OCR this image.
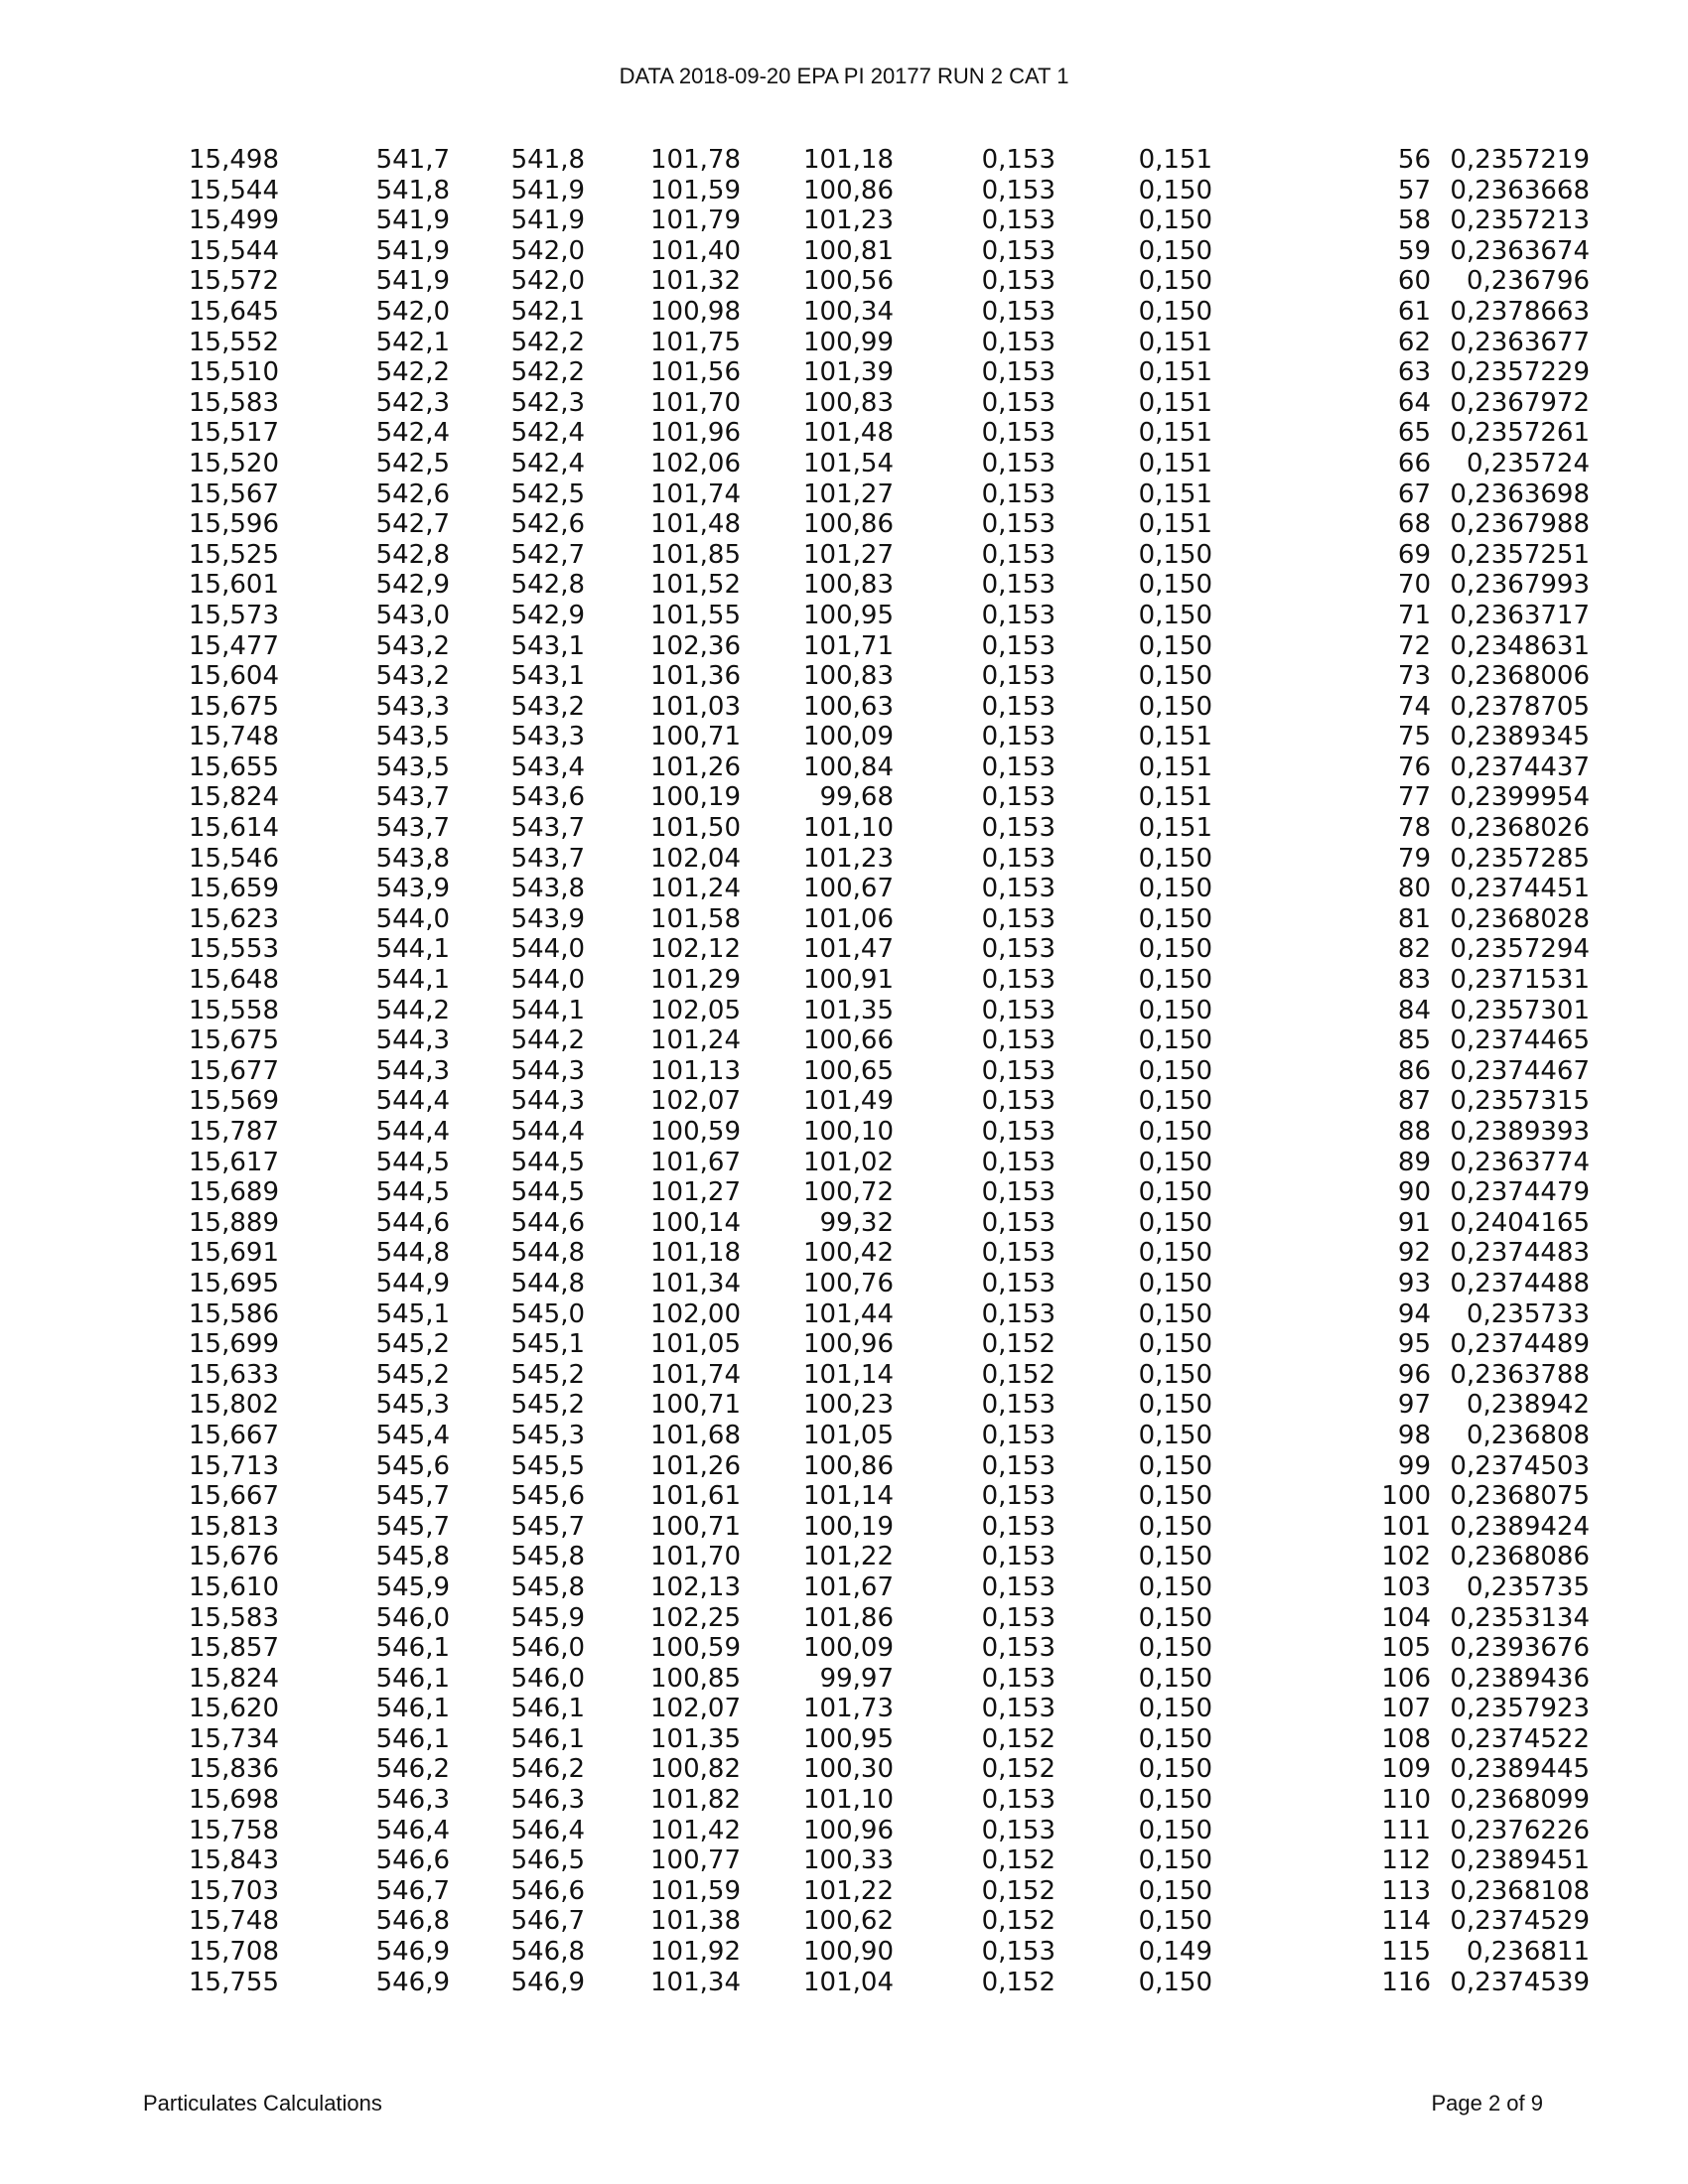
DATA 2018-09-20 EPA PI 20177 RUN 2 CAT 1
15,498	541,7	541,8	101,78	101,18	0,153	0,151	56	0,2357219
15,544	541,8	541,9	101,59	100,86	0,153	0,150	57	0,2363668
15,499	541,9	541,9	101,79	101,23	0,153	0,150	58	0,2357213
15,544	541,9	542,0	101,40	100,81	0,153	0,150	59	0,2363674
15,572	541,9	542,0	101,32	100,56	0,153	0,150	60	0,236796
15,645	542,0	542,1	100,98	100,34	0,153	0,150	61	0,2378663
15,552	542,1	542,2	101,75	100,99	0,153	0,151	62	0,2363677
15,510	542,2	542,2	101,56	101,39	0,153	0,151	63	0,2357229
15,583	542,3	542,3	101,70	100,83	0,153	0,151	64	0,2367972
15,517	542,4	542,4	101,96	101,48	0,153	0,151	65	0,2357261
15,520	542,5	542,4	102,06	101,54	0,153	0,151	66	0,235724
15,567	542,6	542,5	101,74	101,27	0,153	0,151	67	0,2363698
15,596	542,7	542,6	101,48	100,86	0,153	0,151	68	0,2367988
15,525	542,8	542,7	101,85	101,27	0,153	0,150	69	0,2357251
15,601	542,9	542,8	101,52	100,83	0,153	0,150	70	0,2367993
15,573	543,0	542,9	101,55	100,95	0,153	0,150	71	0,2363717
15,477	543,2	543,1	102,36	101,71	0,153	0,150	72	0,2348631
15,604	543,2	543,1	101,36	100,83	0,153	0,150	73	0,2368006
15,675	543,3	543,2	101,03	100,63	0,153	0,150	74	0,2378705
15,748	543,5	543,3	100,71	100,09	0,153	0,151	75	0,2389345
15,655	543,5	543,4	101,26	100,84	0,153	0,151	76	0,2374437
15,824	543,7	543,6	100,19	99,68	0,153	0,151	77	0,2399954
15,614	543,7	543,7	101,50	101,10	0,153	0,151	78	0,2368026
15,546	543,8	543,7	102,04	101,23	0,153	0,150	79	0,2357285
15,659	543,9	543,8	101,24	100,67	0,153	0,150	80	0,2374451
15,623	544,0	543,9	101,58	101,06	0,153	0,150	81	0,2368028
15,553	544,1	544,0	102,12	101,47	0,153	0,150	82	0,2357294
15,648	544,1	544,0	101,29	100,91	0,153	0,150	83	0,2371531
15,558	544,2	544,1	102,05	101,35	0,153	0,150	84	0,2357301
15,675	544,3	544,2	101,24	100,66	0,153	0,150	85	0,2374465
15,677	544,3	544,3	101,13	100,65	0,153	0,150	86	0,2374467
15,569	544,4	544,3	102,07	101,49	0,153	0,150	87	0,2357315
15,787	544,4	544,4	100,59	100,10	0,153	0,150	88	0,2389393
15,617	544,5	544,5	101,67	101,02	0,153	0,150	89	0,2363774
15,689	544,5	544,5	101,27	100,72	0,153	0,150	90	0,2374479
15,889	544,6	544,6	100,14	99,32	0,153	0,150	91	0,2404165
15,691	544,8	544,8	101,18	100,42	0,153	0,150	92	0,2374483
15,695	544,9	544,8	101,34	100,76	0,153	0,150	93	0,2374488
15,586	545,1	545,0	102,00	101,44	0,153	0,150	94	0,235733
15,699	545,2	545,1	101,05	100,96	0,152	0,150	95	0,2374489
15,633	545,2	545,2	101,74	101,14	0,152	0,150	96	0,2363788
15,802	545,3	545,2	100,71	100,23	0,153	0,150	97	0,238942
15,667	545,4	545,3	101,68	101,05	0,153	0,150	98	0,236808
15,713	545,6	545,5	101,26	100,86	0,153	0,150	99	0,2374503
15,667	545,7	545,6	101,61	101,14	0,153	0,150	100	0,2368075
15,813	545,7	545,7	100,71	100,19	0,153	0,150	101	0,2389424
15,676	545,8	545,8	101,70	101,22	0,153	0,150	102	0,2368086
15,610	545,9	545,8	102,13	101,67	0,153	0,150	103	0,235735
15,583	546,0	545,9	102,25	101,86	0,153	0,150	104	0,2353134
15,857	546,1	546,0	100,59	100,09	0,153	0,150	105	0,2393676
15,824	546,1	546,0	100,85	99,97	0,153	0,150	106	0,2389436
15,620	546,1	546,1	102,07	101,73	0,153	0,150	107	0,2357923
15,734	546,1	546,1	101,35	100,95	0,152	0,150	108	0,2374522
15,836	546,2	546,2	100,82	100,30	0,152	0,150	109	0,2389445
15,698	546,3	546,3	101,82	101,10	0,153	0,150	110	0,2368099
15,758	546,4	546,4	101,42	100,96	0,153	0,150	111	0,2376226
15,843	546,6	546,5	100,77	100,33	0,152	0,150	112	0,2389451
15,703	546,7	546,6	101,59	101,22	0,152	0,150	113	0,2368108
15,748	546,8	546,7	101,38	100,62	0,152	0,150	114	0,2374529
15,708	546,9	546,8	101,92	100,90	0,153	0,149	115	0,236811
15,755	546,9	546,9	101,34	101,04	0,152	0,150	116	0,2374539
Particulates Calculations	Page 2 of 9
